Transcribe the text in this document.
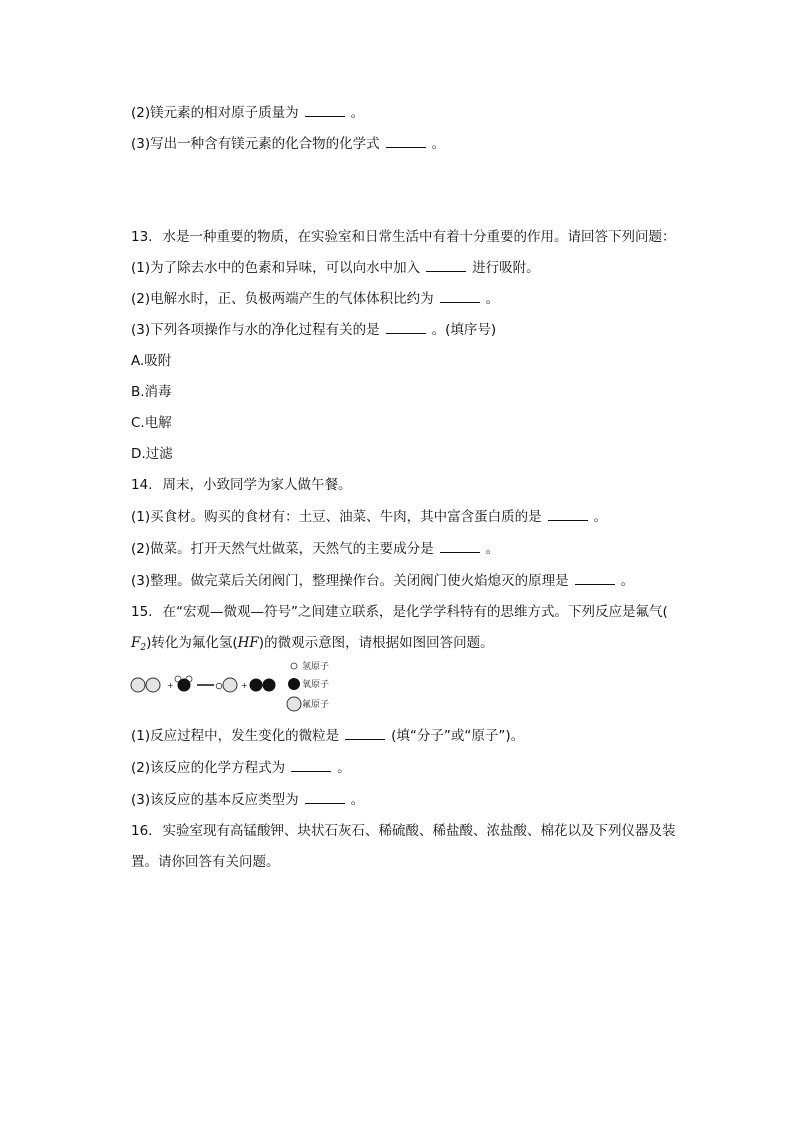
(2)镁元素的相对原子质量为	。
(3)写出一种含有镁元素的化合物的化学式	。
13. 水是一种重要的物质，在实验室和日常生活中有着十分重要的作用。请回答下列问题：
(1)为了除去水中的色素和异味，可以向水中加入	进行吸附。
(2)电解水时，正、负极两端产生的气体体积比约为	。
(3)下列各项操作与水的净化过程有关的是	。(填序号)
A.吸附
B.消毒
C.电解
D.过滤
14. 周末，小致同学为家人做午餐。
(1)买食材。购买的食材有：土豆、油菜、牛肉，其中富含蛋白质的是	。
(2)做菜。打开天然气灶做菜，天然气的主要成分是	。
(3)整理。做完菜后关闭阀门，整理操作台。关闭阀门使火焰熄灭的原理是	。
15. 在“宏观—微观—符号”之间建立联系，是化学学科特有的思维方式。下列反应是氟气(
$F_2$)转化为氟化氢(HF)的微观示意图，请根据如图回答问题。
+	+
氢原子
氧原子
氟原子
(1)反应过程中，发生变化的微粒是	(填“分子”或“原子”)。
(2)该反应的化学方程式为	。
(3)该反应的基本反应类型为	。
16. 实验室现有高锰酸钾、块状石灰石、稀硫酸、稀盐酸、浓盐酸、棉花以及下列仪器及装
置。请你回答有关问题。
